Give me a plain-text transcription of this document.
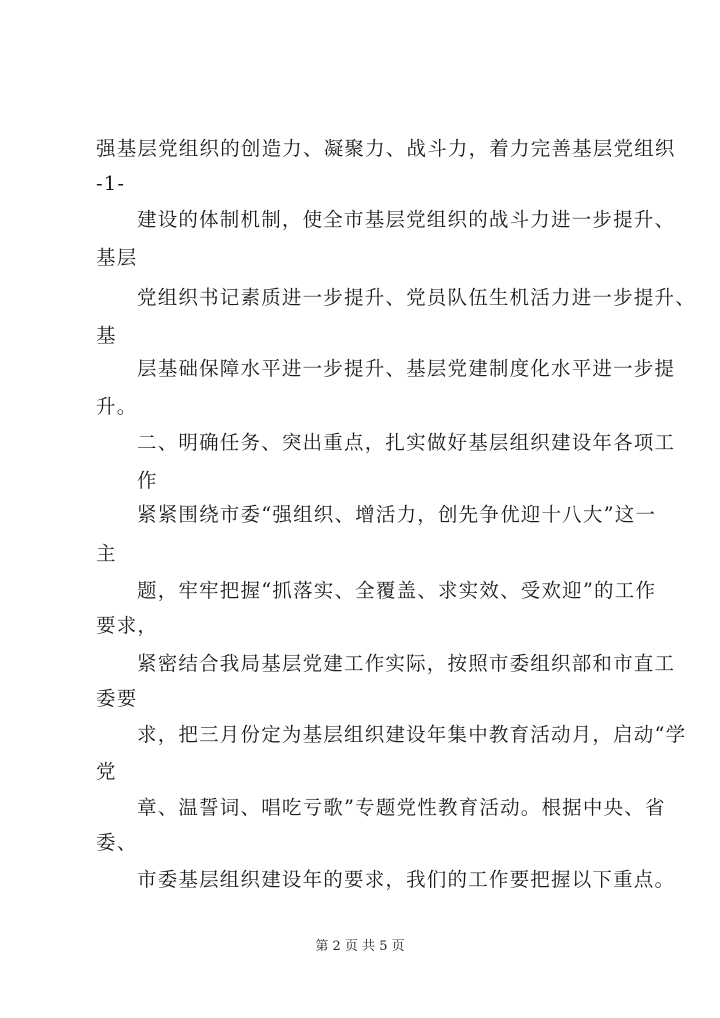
强基层党组织的创造力、凝聚力、战斗力，着力完善基层党组织
-1-
建设的体制机制，使全市基层党组织的战斗力进一步提升、
基层
党组织书记素质进一步提升、党员队伍生机活力进一步提升、
基
层基础保障水平进一步提升、基层党建制度化水平进一步提
升。
二、明确任务、突出重点，扎实做好基层组织建设年各项工
作
紧紧围绕市委“强组织、增活力，创先争优迎十八大”这一
主
题，牢牢把握“抓落实、全覆盖、求实效、受欢迎”的工作
要求，
紧密结合我局基层党建工作实际，按照市委组织部和市直工
委要
求，把三月份定为基层组织建设年集中教育活动月，启动“学
党
章、温誓词、唱吃亏歌”专题党性教育活动。根据中央、省
委、
市委基层组织建设年的要求，我们的工作要把握以下重点。
第 2 页 共 5 页
